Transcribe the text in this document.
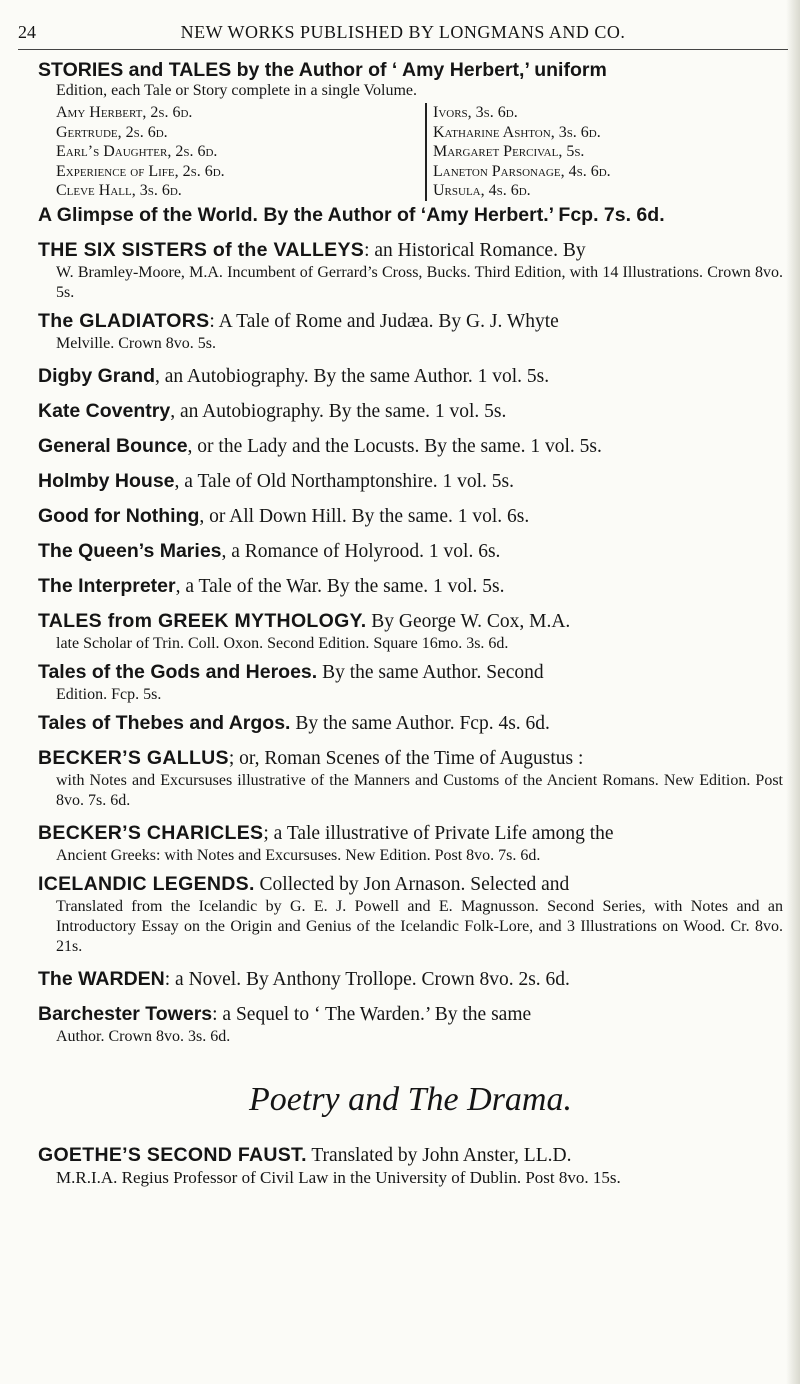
24	NEW WORKS PUBLISHED BY LONGMANS AND CO.

STORIES and TALES by the Author of ‘ Amy Herbert,’ uniform

Edition, each Tale or Story complete in a single Volume.

Amy Herbert, 2s. 6d.
Gertrude, 2s. 6d.
Earl’s Daughter, 2s. 6d.
Experience of Life, 2s. 6d.
Cleve Hall, 3s. 6d.
Ivors, 3s. 6d.
Katharine Ashton, 3s. 6d.
Margaret Percival, 5s.
Laneton Parsonage, 4s. 6d.
Ursula, 4s. 6d.

A Glimpse of the World. By the Author of ‘Amy Herbert.’ Fcp. 7s. 6d.

THE SIX SISTERS of the VALLEYS: an Historical Romance. By

W. Bramley-Moore, M.A. Incumbent of Gerrard’s Cross, Bucks. Third Edition, with 14 Illustrations. Crown 8vo. 5s.

The GLADIATORS: A Tale of Rome and Judæa. By G. J. Whyte

Melville. Crown 8vo. 5s.

Digby Grand, an Autobiography. By the same Author. 1 vol. 5s.

Kate Coventry, an Autobiography. By the same. 1 vol. 5s.

General Bounce, or the Lady and the Locusts. By the same. 1 vol. 5s.

Holmby House, a Tale of Old Northamptonshire. 1 vol. 5s.

Good for Nothing, or All Down Hill. By the same. 1 vol. 6s.

The Queen’s Maries, a Romance of Holyrood. 1 vol. 6s.

The Interpreter, a Tale of the War. By the same. 1 vol. 5s.

TALES from GREEK MYTHOLOGY. By George W. Cox, M.A.

late Scholar of Trin. Coll. Oxon. Second Edition. Square 16mo. 3s. 6d.

Tales of the Gods and Heroes. By the same Author. Second

Edition. Fcp. 5s.

Tales of Thebes and Argos. By the same Author. Fcp. 4s. 6d.

BECKER’S GALLUS; or, Roman Scenes of the Time of Augustus :

with Notes and Excursuses illustrative of the Manners and Customs of the Ancient Romans. New Edition. Post 8vo. 7s. 6d.

BECKER’S CHARICLES; a Tale illustrative of Private Life among the

Ancient Greeks: with Notes and Excursuses. New Edition. Post 8vo. 7s. 6d.

ICELANDIC LEGENDS. Collected by Jon Arnason. Selected and

Translated from the Icelandic by G. E. J. Powell and E. Magnusson. Second Series, with Notes and an Introductory Essay on the Origin and Genius of the Icelandic Folk-Lore, and 3 Illustrations on Wood. Cr. 8vo. 21s.

The WARDEN: a Novel. By Anthony Trollope. Crown 8vo. 2s. 6d.

Barchester Towers: a Sequel to ‘ The Warden.’ By the same

Author. Crown 8vo. 3s. 6d.

Poetry and The Drama.

GOETHE’S SECOND FAUST. Translated by John Anster, LL.D.

M.R.I.A. Regius Professor of Civil Law in the University of Dublin. Post 8vo. 15s.
